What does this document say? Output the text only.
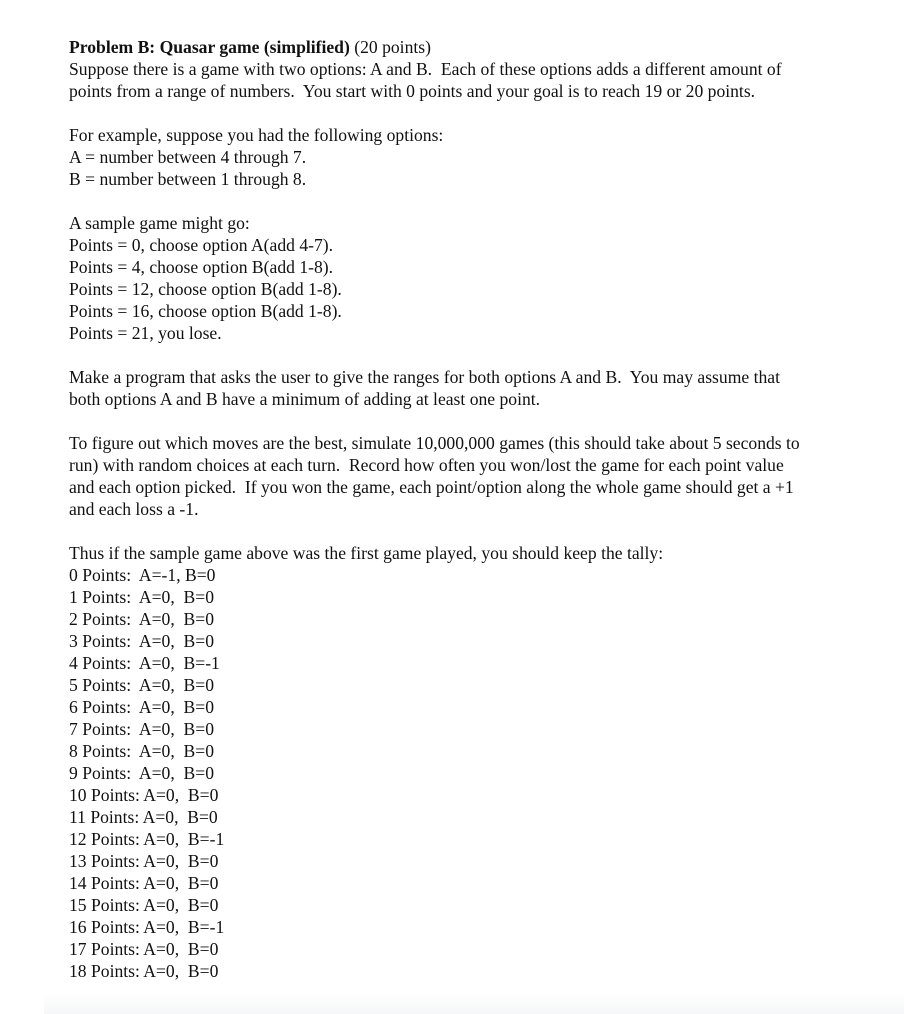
Problem B: Quasar game (simplified) (20 points)
Suppose there is a game with two options: A and B.  Each of these options adds a different amount of
points from a range of numbers.  You start with 0 points and your goal is to reach 19 or 20 points.
For example, suppose you had the following options:
A = number between 4 through 7.
B = number between 1 through 8.
A sample game might go:
Points = 0, choose option A(add 4-7).
Points = 4, choose option B(add 1-8).
Points = 12, choose option B(add 1-8).
Points = 16, choose option B(add 1-8).
Points = 21, you lose.
Make a program that asks the user to give the ranges for both options A and B.  You may assume that
both options A and B have a minimum of adding at least one point.
To figure out which moves are the best, simulate 10,000,000 games (this should take about 5 seconds to
run) with random choices at each turn.  Record how often you won/lost the game for each point value
and each option picked.  If you won the game, each point/option along the whole game should get a +1
and each loss a -1.
Thus if the sample game above was the first game played, you should keep the tally:
0 Points:  A=-1, B=0
1 Points:  A=0,  B=0
2 Points:  A=0,  B=0
3 Points:  A=0,  B=0
4 Points:  A=0,  B=-1
5 Points:  A=0,  B=0
6 Points:  A=0,  B=0
7 Points:  A=0,  B=0
8 Points:  A=0,  B=0
9 Points:  A=0,  B=0
10 Points: A=0,  B=0
11 Points: A=0,  B=0
12 Points: A=0,  B=-1
13 Points: A=0,  B=0
14 Points: A=0,  B=0
15 Points: A=0,  B=0
16 Points: A=0,  B=-1
17 Points: A=0,  B=0
18 Points: A=0,  B=0
